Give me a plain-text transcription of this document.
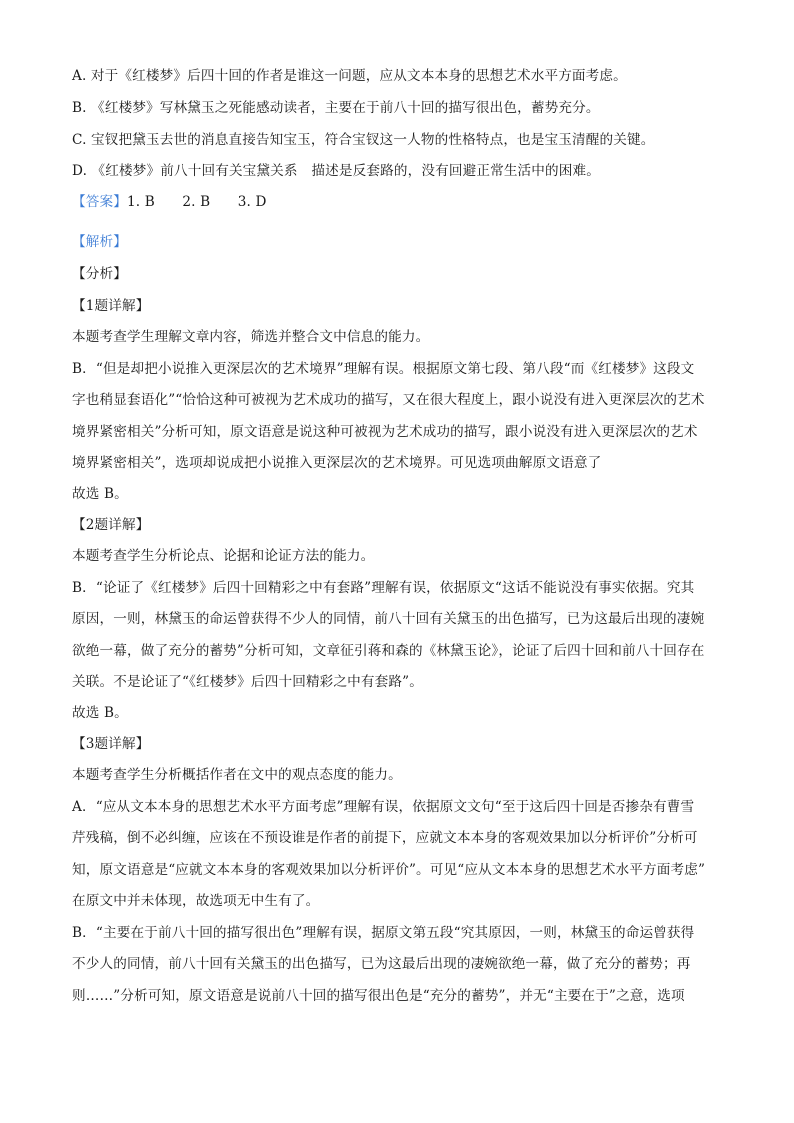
A. 对于《红楼梦》后四十回的作者是谁这一问题，应从文本本身的思想艺术水平方面考虑。
B. 《红楼梦》写林黛玉之死能感动读者，主要在于前八十回的描写很出色，蓄势充分。
C. 宝钗把黛玉去世的消息直接告知宝玉，符合宝钗这一人物的性格特点，也是宝玉清醒的关键。
D. 《红楼梦》前八十回有关宝黛关系　描述是反套路的，没有回避正常生活中的困难。
【答案】1. B　　2. B　　3. D
【解析】
【分析】
【1题详解】
本题考查学生理解文章内容，筛选并整合文中信息的能力。
B．“但是却把小说推入更深层次的艺术境界”理解有误。根据原文第七段、第八段“而《红楼梦》这段文
字也稍显套语化”“恰恰这种可被视为艺术成功的描写，又在很大程度上，跟小说没有进入更深层次的艺术
境界紧密相关”分析可知，原文语意是说这种可被视为艺术成功的描写，跟小说没有进入更深层次的艺术
境界紧密相关”，选项却说成把小说推入更深层次的艺术境界。可见选项曲解原文语意了
故选 B。
【2题详解】
本题考查学生分析论点、论据和论证方法的能力。
B．“论证了《红楼梦》后四十回精彩之中有套路”理解有误，依据原文“这话不能说没有事实依据。究其
原因，一则，林黛玉的命运曾获得不少人的同情，前八十回有关黛玉的出色描写，已为这最后出现的凄婉
欲绝一幕，做了充分的蓄势”分析可知，文章征引蒋和森的《林黛玉论》，论证了后四十回和前八十回存在
关联。不是论证了“《红楼梦》后四十回精彩之中有套路”。
故选 B。
【3题详解】
本题考查学生分析概括作者在文中的观点态度的能力。
A．“应从文本本身的思想艺术水平方面考虑”理解有误，依据原文文句“至于这后四十回是否掺杂有曹雪
芹残稿，倒不必纠缠，应该在不预设谁是作者的前提下，应就文本本身的客观效果加以分析评价”分析可
知，原文语意是“应就文本本身的客观效果加以分析评价”。可见“应从文本本身的思想艺术水平方面考虑”
在原文中并未体现，故选项无中生有了。
B．“主要在于前八十回的描写很出色”理解有误，据原文第五段“究其原因，一则，林黛玉的命运曾获得
不少人的同情，前八十回有关黛玉的出色描写，已为这最后出现的凄婉欲绝一幕，做了充分的蓄势；再
则……”分析可知，原文语意是说前八十回的描写很出色是“充分的蓄势”，并无“主要在于”之意，选项
